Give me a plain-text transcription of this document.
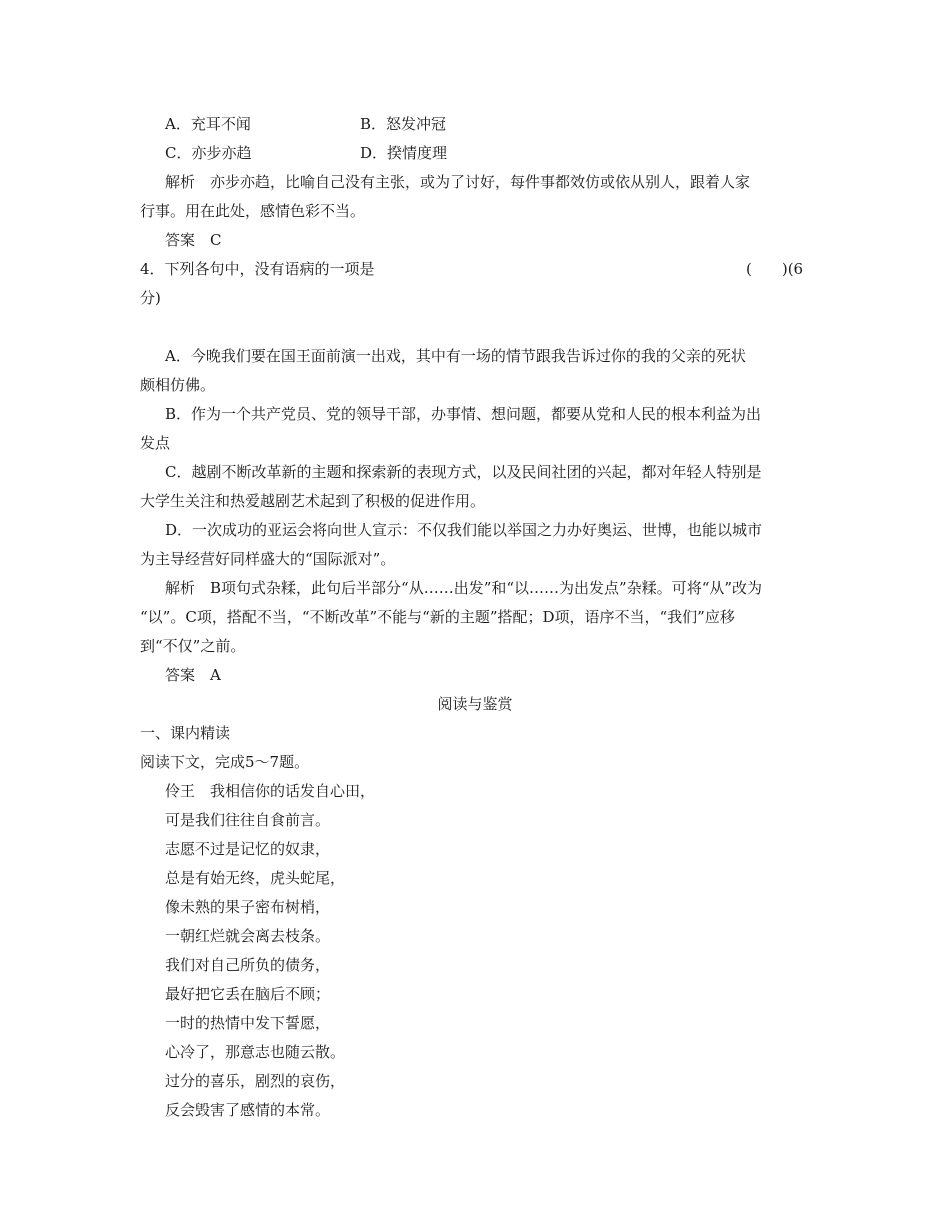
A．充耳不闻	B．怒发冲冠
C．亦步亦趋	D．揆情度理
解析　亦步亦趋，比喻自己没有主张，或为了讨好，每件事都效仿或依从别人，跟着人家
行事。用在此处，感情色彩不当。
答案　C
4．下列各句中，没有语病的一项是	(　　)(6
分)
A．今晚我们要在国王面前演一出戏，其中有一场的情节跟我告诉过你的我的父亲的死状
颇相仿佛。
B．作为一个共产党员、党的领导干部，办事情、想问题，都要从党和人民的根本利益为出
发点
C．越剧不断改革新的主题和探索新的表现方式，以及民间社团的兴起，都对年轻人特别是
大学生关注和热爱越剧艺术起到了积极的促进作用。
D．一次成功的亚运会将向世人宣示：不仅我们能以举国之力办好奥运、世博，也能以城市
为主导经营好同样盛大的“国际派对”。
解析　B项句式杂糅，此句后半部分“从……出发”和“以……为出发点”杂糅。可将“从”改为
“以”。C项，搭配不当，“不断改革”不能与“新的主题”搭配；D项，语序不当，“我们”应移
到“不仅”之前。
答案　A
阅读与鉴赏
一、课内精读
阅读下文，完成5～7题。
伶王　我相信你的话发自心田，
可是我们往往自食前言。
志愿不过是记忆的奴隶，
总是有始无终，虎头蛇尾，
像未熟的果子密布树梢，
一朝红烂就会离去枝条。
我们对自己所负的债务，
最好把它丢在脑后不顾；
一时的热情中发下誓愿，
心冷了，那意志也随云散。
过分的喜乐，剧烈的哀伤，
反会毁害了感情的本常。
